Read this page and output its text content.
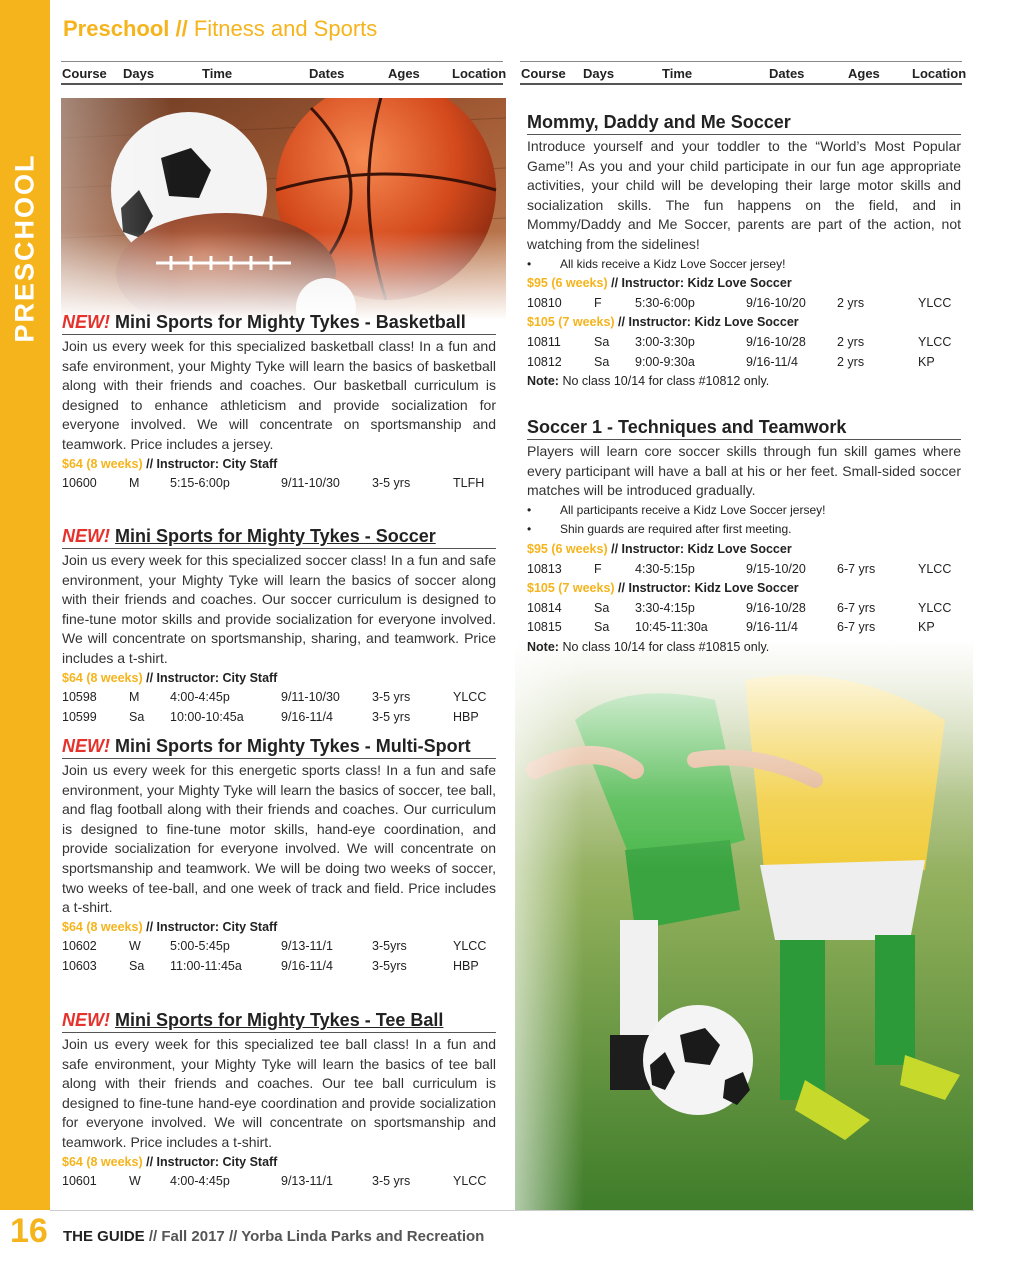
PRESCHOOL
Preschool // Fitness and Sports
Course Days	Time	Dates	Ages Location Course Days	Time	Dates	Ages Location
NEW! Mini Sports for Mighty Tykes - Basketball
Join us every week for this specialized basketball class! In a fun and safe environment, your Mighty Tyke will learn the basics of basketball along with their friends and coaches. Our basketball curriculum is designed to enhance athleticism and provide socialization for everyone involved. We will concentrate on sportsmanship and teamwork. Price includes a jersey.
$64 (8 weeks) // Instructor: City Staff
10600	M 5:15-6:00p	9/11-10/30	3-5 yrs	TLFH
NEW! Mini Sports for Mighty Tykes - Soccer
Join us every week for this specialized soccer class! In a fun and safe environment, your Mighty Tyke will learn the basics of soccer along with their friends and coaches. Our soccer curriculum is designed to fine-tune motor skills and provide socialization for everyone involved. We will concentrate on sportsmanship, sharing, and teamwork. Price includes a t-shirt.
$64 (8 weeks) // Instructor: City Staff
10598	M 4:00-4:45p	9/11-10/30	3-5 yrs	YLCC
10599	Sa 10:00-10:45a	9/16-11/4	3-5 yrs	HBP
NEW! Mini Sports for Mighty Tykes - Multi-Sport
Join us every week for this energetic sports class! In a fun and safe environment, your Mighty Tyke will learn the basics of soccer, tee ball, and flag football along with their friends and coaches. Our curriculum is designed to fine-tune motor skills, hand-eye coordination, and provide socialization for everyone involved. We will concentrate on sportsmanship and teamwork. We will be doing two weeks of soccer, two weeks of tee-ball, and one week of track and field. Price includes a t-shirt.
$64 (8 weeks) // Instructor: City Staff
10602	W 5:00-5:45p	9/13-11/1	3-5yrs	YLCC
10603	Sa 11:00-11:45a	9/16-11/4	3-5yrs	HBP
NEW! Mini Sports for Mighty Tykes - Tee Ball
Join us every week for this specialized tee ball class! In a fun and safe environment, your Mighty Tyke will learn the basics of tee ball along with their friends and coaches. Our tee ball curriculum is designed to fine-tune hand-eye coordination and provide socialization for everyone involved. We will concentrate on sportsmanship and teamwork. Price includes a t-shirt.
$64 (8 weeks) // Instructor: City Staff
10601	W 4:00-4:45p	9/13-11/1	3-5 yrs	YLCC
Mommy, Daddy and Me Soccer
Introduce yourself and your toddler to the “World’s Most Popular Game”! As you and your child participate in our fun age appropriate activities, your child will be developing their large motor skills and socialization skills. The fun happens on the field, and in Mommy/Daddy and Me Soccer, parents are part of the action, not watching from the sidelines!
• All kids receive a Kidz Love Soccer jersey!
$95 (6 weeks) // Instructor: Kidz Love Soccer
10810	F	5:30-6:00p	9/16-10/20 2 yrs	YLCC
$105 (7 weeks) // Instructor: Kidz Love Soccer
10811	Sa 3:00-3:30p	9/16-10/28 2 yrs	YLCC
10812	Sa 9:00-9:30a	9/16-11/4	2 yrs	KP
Note: No class 10/14 for class #10812 only.
Soccer 1 - Techniques and Teamwork
Players will learn core soccer skills through fun skill games where every participant will have a ball at his or her feet. Small-sided soccer matches will be introduced gradually.
• All participants receive a Kidz Love Soccer jersey!
• Shin guards are required after first meeting.
$95 (6 weeks) // Instructor: Kidz Love Soccer
10813	F	4:30-5:15p	9/15-10/20 6-7 yrs	YLCC
$105 (7 weeks) // Instructor: Kidz Love Soccer
10814	Sa 3:30-4:15p	9/16-10/28 6-7 yrs	YLCC
10815	Sa 10:45-11:30a	9/16-11/4	6-7 yrs	KP
Note: No class 10/14 for class #10815 only.
16 THE GUIDE // Fall 2017 // Yorba Linda Parks and Recreation
